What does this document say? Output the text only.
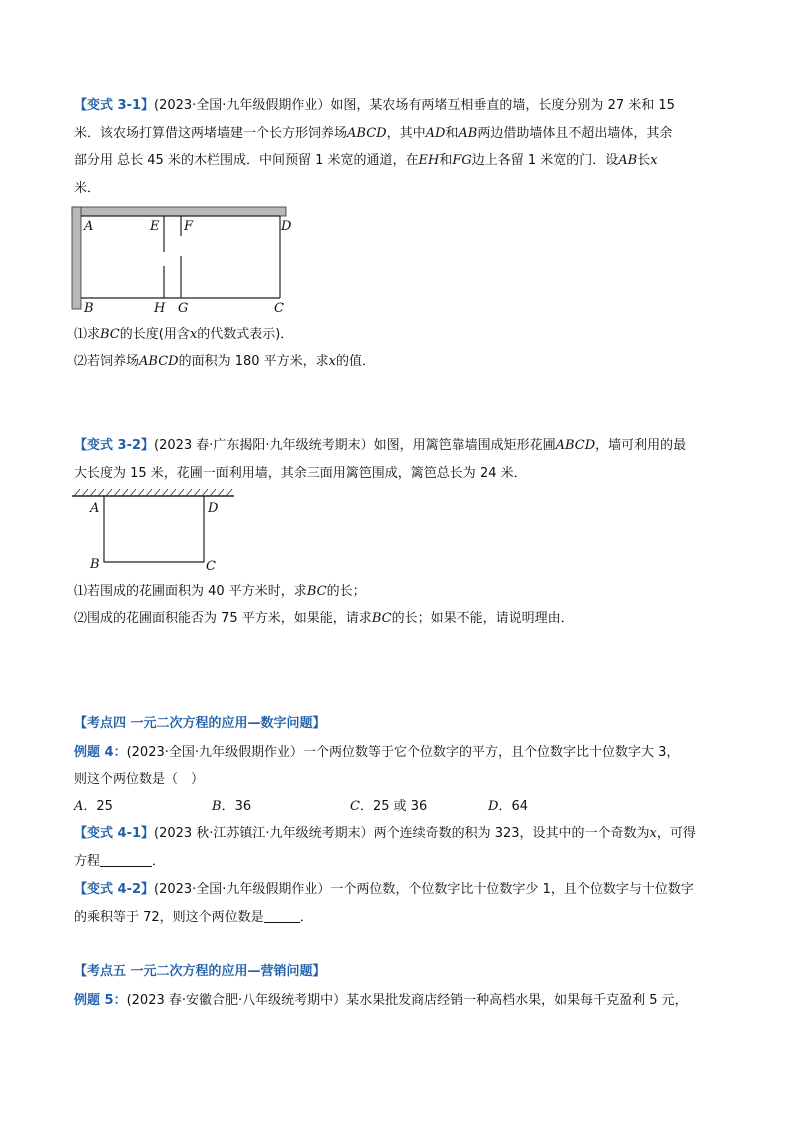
【变式 3-1】(2023·全国·九年级假期作业）如图，某农场有两堵互相垂直的墙，长度分别为 27 米和 15
米．该农场打算借这两堵墙建一个长方形饲养场ABCD，其中AD和AB两边借助墙体且不超出墙体，其余
部分用 总长 45 米的木栏围成．中间预留 1 米宽的通道，在EH和FG边上各留 1 米宽的门．设AB长x
米．
A	E F	D
B	H G	C
⑴求BC的长度(用含x的代数式表示)．
⑵若饲养场ABCD的面积为 180 平方米，求x的值．
【变式 3-2】(2023 春·广东揭阳·九年级统考期末）如图，用篱笆靠墙围成矩形花圃ABCD，墙可利用的最
大长度为 15 米，花圃一面利用墙，其余三面用篱笆围成，篱笆总长为 24 米．
A	D
B	C
⑴若围成的花圃面积为 40 平方米时，求BC的长；
⑵围成的花圃面积能否为 75 平方米，如果能，请求BC的长；如果不能，请说明理由．
【考点四 一元二次方程的应用—数字问题】
例题 4：(2023·全国·九年级假期作业）一个两位数等于它个位数字的平方，且个位数字比十位数字大 3，
则这个两位数是（　）
A．25	B．36	C．25 或 36	D．64
【变式 4-1】(2023 秋·江苏镇江·九年级统考期末）两个连续奇数的积为 323，设其中的一个奇数为x，可得
方程	．
【变式 4-2】(2023·全国·九年级假期作业）一个两位数，个位数字比十位数字少 1，且个位数字与十位数字
的乘积等于 72，则这个两位数是	．
【考点五 一元二次方程的应用—营销问题】
例题 5：(2023 春·安徽合肥·八年级统考期中）某水果批发商店经销一种高档水果，如果每千克盈利 5 元，
